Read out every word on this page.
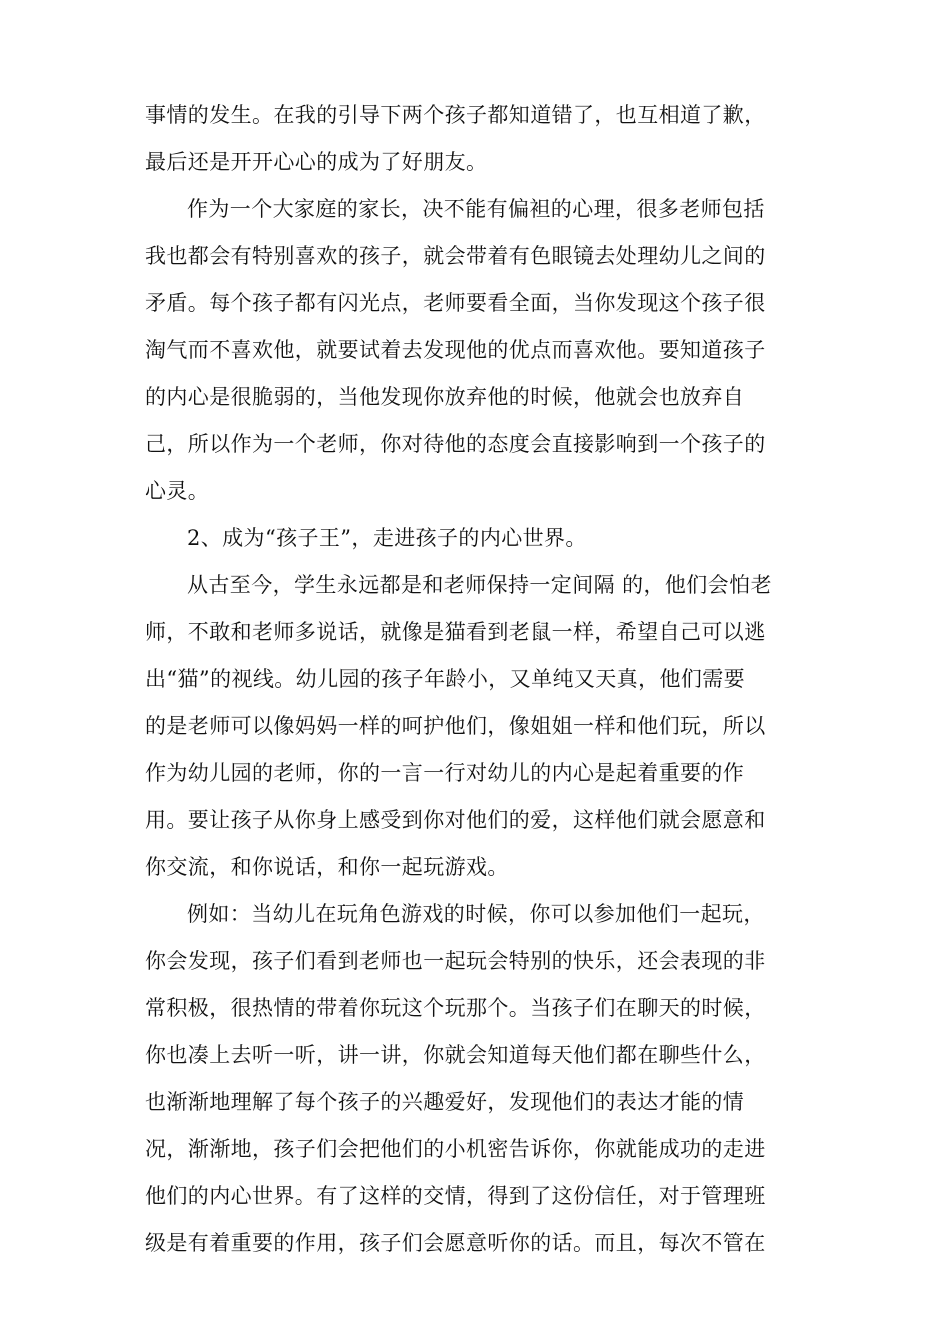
事情的发生。在我的引导下两个孩子都知道错了，也互相道了歉，
最后还是开开心心的成为了好朋友。
作为一个大家庭的家长，决不能有偏袒的心理，很多老师包括
我也都会有特别喜欢的孩子，就会带着有色眼镜去处理幼儿之间的
矛盾。每个孩子都有闪光点，老师要看全面，当你发现这个孩子很
淘气而不喜欢他，就要试着去发现他的优点而喜欢他。要知道孩子
的内心是很脆弱的，当他发现你放弃他的时候，他就会也放弃自
己，所以作为一个老师，你对待他的态度会直接影响到一个孩子的
心灵。
2、成为“孩子王”，走进孩子的内心世界。
从古至今，学生永远都是和老师保持一定间隔 的，他们会怕老
师，不敢和老师多说话，就像是猫看到老鼠一样，希望自己可以逃
出“猫”的视线。幼儿园的孩子年龄小，又单纯又天真，他们需要
的是老师可以像妈妈一样的呵护他们，像姐姐一样和他们玩，所以
作为幼儿园的老师，你的一言一行对幼儿的内心是起着重要的作
用。要让孩子从你身上感受到你对他们的爱，这样他们就会愿意和
你交流，和你说话，和你一起玩游戏。
例如：当幼儿在玩角色游戏的时候，你可以参加他们一起玩，
你会发现，孩子们看到老师也一起玩会特别的快乐，还会表现的非
常积极，很热情的带着你玩这个玩那个。当孩子们在聊天的时候，
你也凑上去听一听，讲一讲，你就会知道每天他们都在聊些什么，
也渐渐地理解了每个孩子的兴趣爱好，发现他们的表达才能的情
况，渐渐地，孩子们会把他们的小机密告诉你，你就能成功的走进
他们的内心世界。有了这样的交情，得到了这份信任，对于管理班
级是有着重要的作用，孩子们会愿意听你的话。而且，每次不管在
